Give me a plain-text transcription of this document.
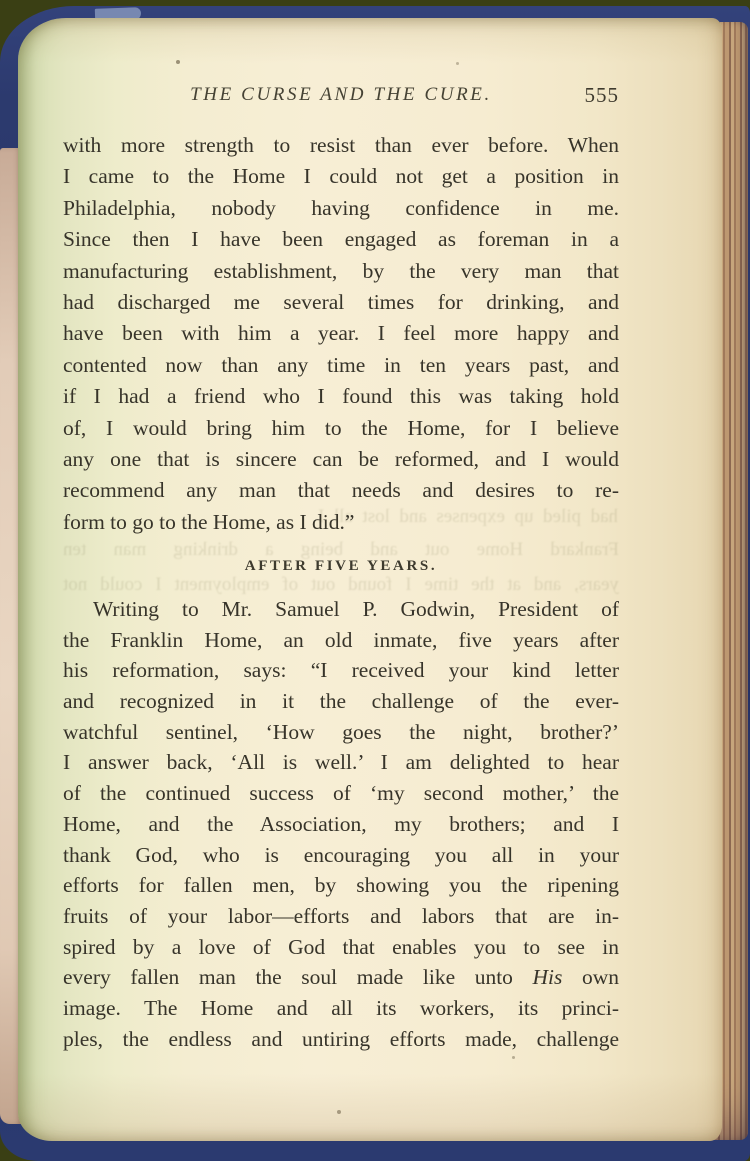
had piled up expenses and lost all I
Frankard Home out and being a drinking man ten
years, and at the time I found out of employment I could not
THE CURSE AND THE CURE.	555
with more strength to resist than ever before. When
I came to the Home I could not get a position in
Philadelphia, nobody having confidence in me.
Since then I have been engaged as foreman in a
manufacturing establishment, by the very man that
had discharged me several times for drinking, and
have been with him a year. I feel more happy and
contented now than any time in ten years past, and
if I had a friend who I found this was taking hold
of, I would bring him to the Home, for I believe
any one that is sincere can be reformed, and I would
recommend any man that needs and desires to re-
form to go to the Home, as I did.”
AFTER FIVE YEARS.
Writing to Mr. Samuel P. Godwin, President of
the Franklin Home, an old inmate, five years after
his reformation, says: “I received your kind letter
and recognized in it the challenge of the ever-
watchful sentinel, ‘How goes the night, brother?’
I answer back, ‘All is well.’ I am delighted to hear
of the continued success of ‘my second mother,’ the
Home, and the Association, my brothers; and I
thank God, who is encouraging you all in your
efforts for fallen men, by showing you the ripening
fruits of your labor—efforts and labors that are in-
spired by a love of God that enables you to see in
every fallen man the soul made like unto His own
image. The Home and all its workers, its princi-
ples, the endless and untiring efforts made, challenge
